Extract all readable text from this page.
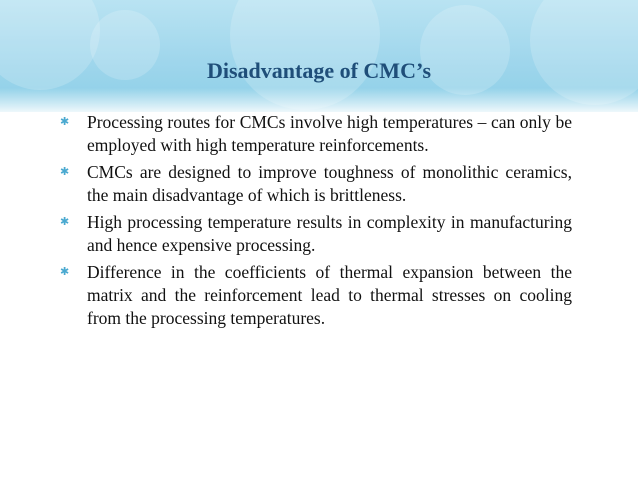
Disadvantage of CMC’s
✱ Processing routes for CMCs involve high temperatures – can only be employed with high temperature reinforcements.
✱ CMCs are designed to improve toughness of monolithic ceramics, the main disadvantage of which is brittleness.
✱ High processing temperature results in complexity in manufacturing and hence expensive processing.
✱ Difference in the coefficients of thermal expansion between the matrix and the reinforcement lead to thermal stresses on cooling from the processing temperatures.
